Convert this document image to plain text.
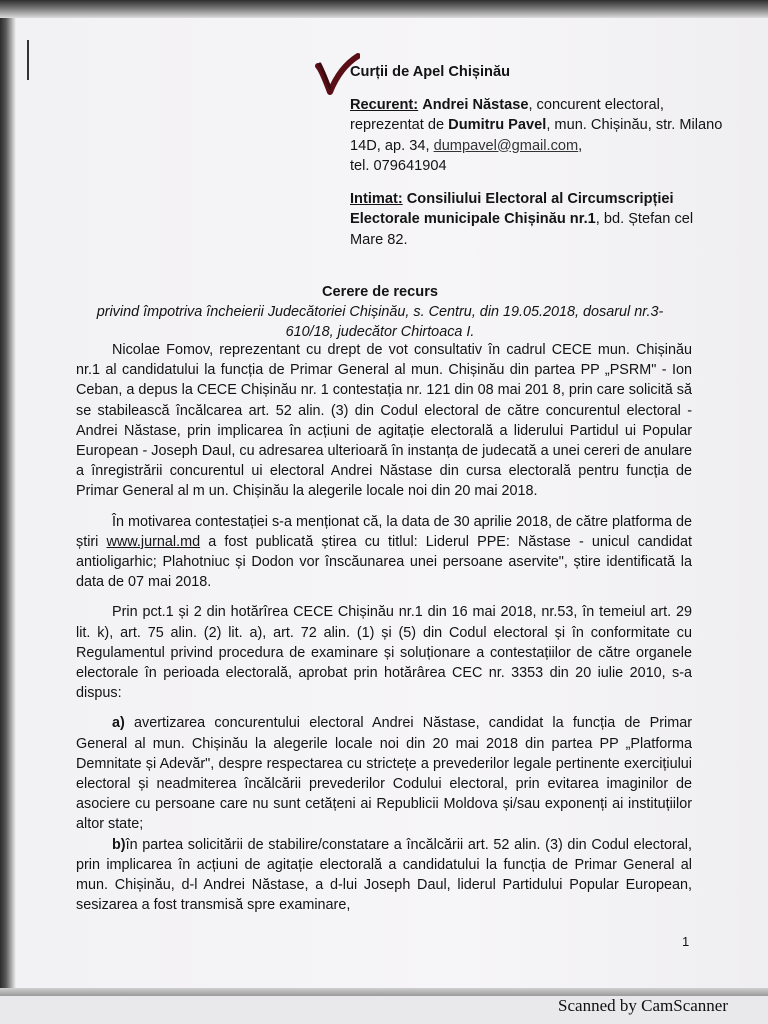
Curții de Apel Chișinău
Recurent: Andrei Năstase, concurent electoral, reprezentat de Dumitru Pavel, mun. Chișinău, str. Milano 14D, ap. 34, dumpavel@gmail.com,
tel. 079641904
Intimat: Consiliului Electoral al Circumscripției Electorale municipale Chișinău nr.1, bd. Ștefan cel Mare 82.
Cerere de recurs
privind împotriva încheierii Judecătoriei Chișinău, s. Centru, din 19.05.2018, dosarul nr.3-610/18, judecător Chirtoaca I.

Nicolae Fomov, reprezentant cu drept de vot consultativ în cadrul CECE mun. Chișinău nr.1 al candidatului la funcția de Primar General al mun. Chișinău din partea PP „PSRM" - Ion Ceban, a depus la CECE Chișinău nr. 1 contestația nr. 121 din 08 mai 201 8, prin care solicită să se stabilească încălcarea art. 52 alin. (3) din Codul electoral de către concurentul electoral - Andrei Năstase, prin implicarea în acțiuni de agitație electorală a liderului Partidul ui Popular European - Joseph Daul, cu adresarea ulterioară în instanța de judecată a unei cereri de anulare a înregistrării concurentul ui electoral Andrei Năstase din cursa electorală pentru funcția de Primar General al m un. Chișinău la alegerile locale noi din 20 mai 2018.

În motivarea contestației s-a menționat că, la data de 30 aprilie 2018, de către platforma de știri www.jurnal.md a fost publicată știrea cu titlul: Liderul PPE: Năstase - unicul candidat antioligarhic; Plahotniuc și Dodon vor înscăunarea unei persoane aservite", știre identificată la data de 07 mai 2018.

Prin pct.1 și 2 din hotărîrea CECE Chișinău nr.1 din 16 mai 2018, nr.53, în temeiul art. 29 lit. k), art. 75 alin. (2) lit. a), art. 72 alin. (1) și (5) din Codul electoral și în conformitate cu Regulamentul privind procedura de examinare și soluționare a contestațiilor de către organele electorale în perioada electorală, aprobat prin hotărârea CEC nr. 3353 din 20 iulie 2010, s-a dispus:

a) avertizarea concurentului electoral Andrei Năstase, candidat la funcția de Primar General al mun. Chișinău la alegerile locale noi din 20 mai 2018 din partea PP „Platforma Demnitate și Adevăr", despre respectarea cu strictețe a prevederilor legale pertinente exercițiului electoral și neadmiterea încălcării prevederilor Codului electoral, prin evitarea imaginilor de asociere cu persoane care nu sunt cetățeni ai Republicii Moldova și/sau exponenți ai instituțiilor altor state;

b)în partea solicitării de stabilire/constatare a încălcării art. 52 alin. (3) din Codul electoral, prin implicarea în acțiuni de agitație electorală a candidatului la funcția de Primar General al mun. Chișinău, d-l Andrei Năstase, a d-lui Joseph Daul, liderul Partidului Popular European, sesizarea a fost transmisă spre examinare,

1
Scanned by CamScanner
